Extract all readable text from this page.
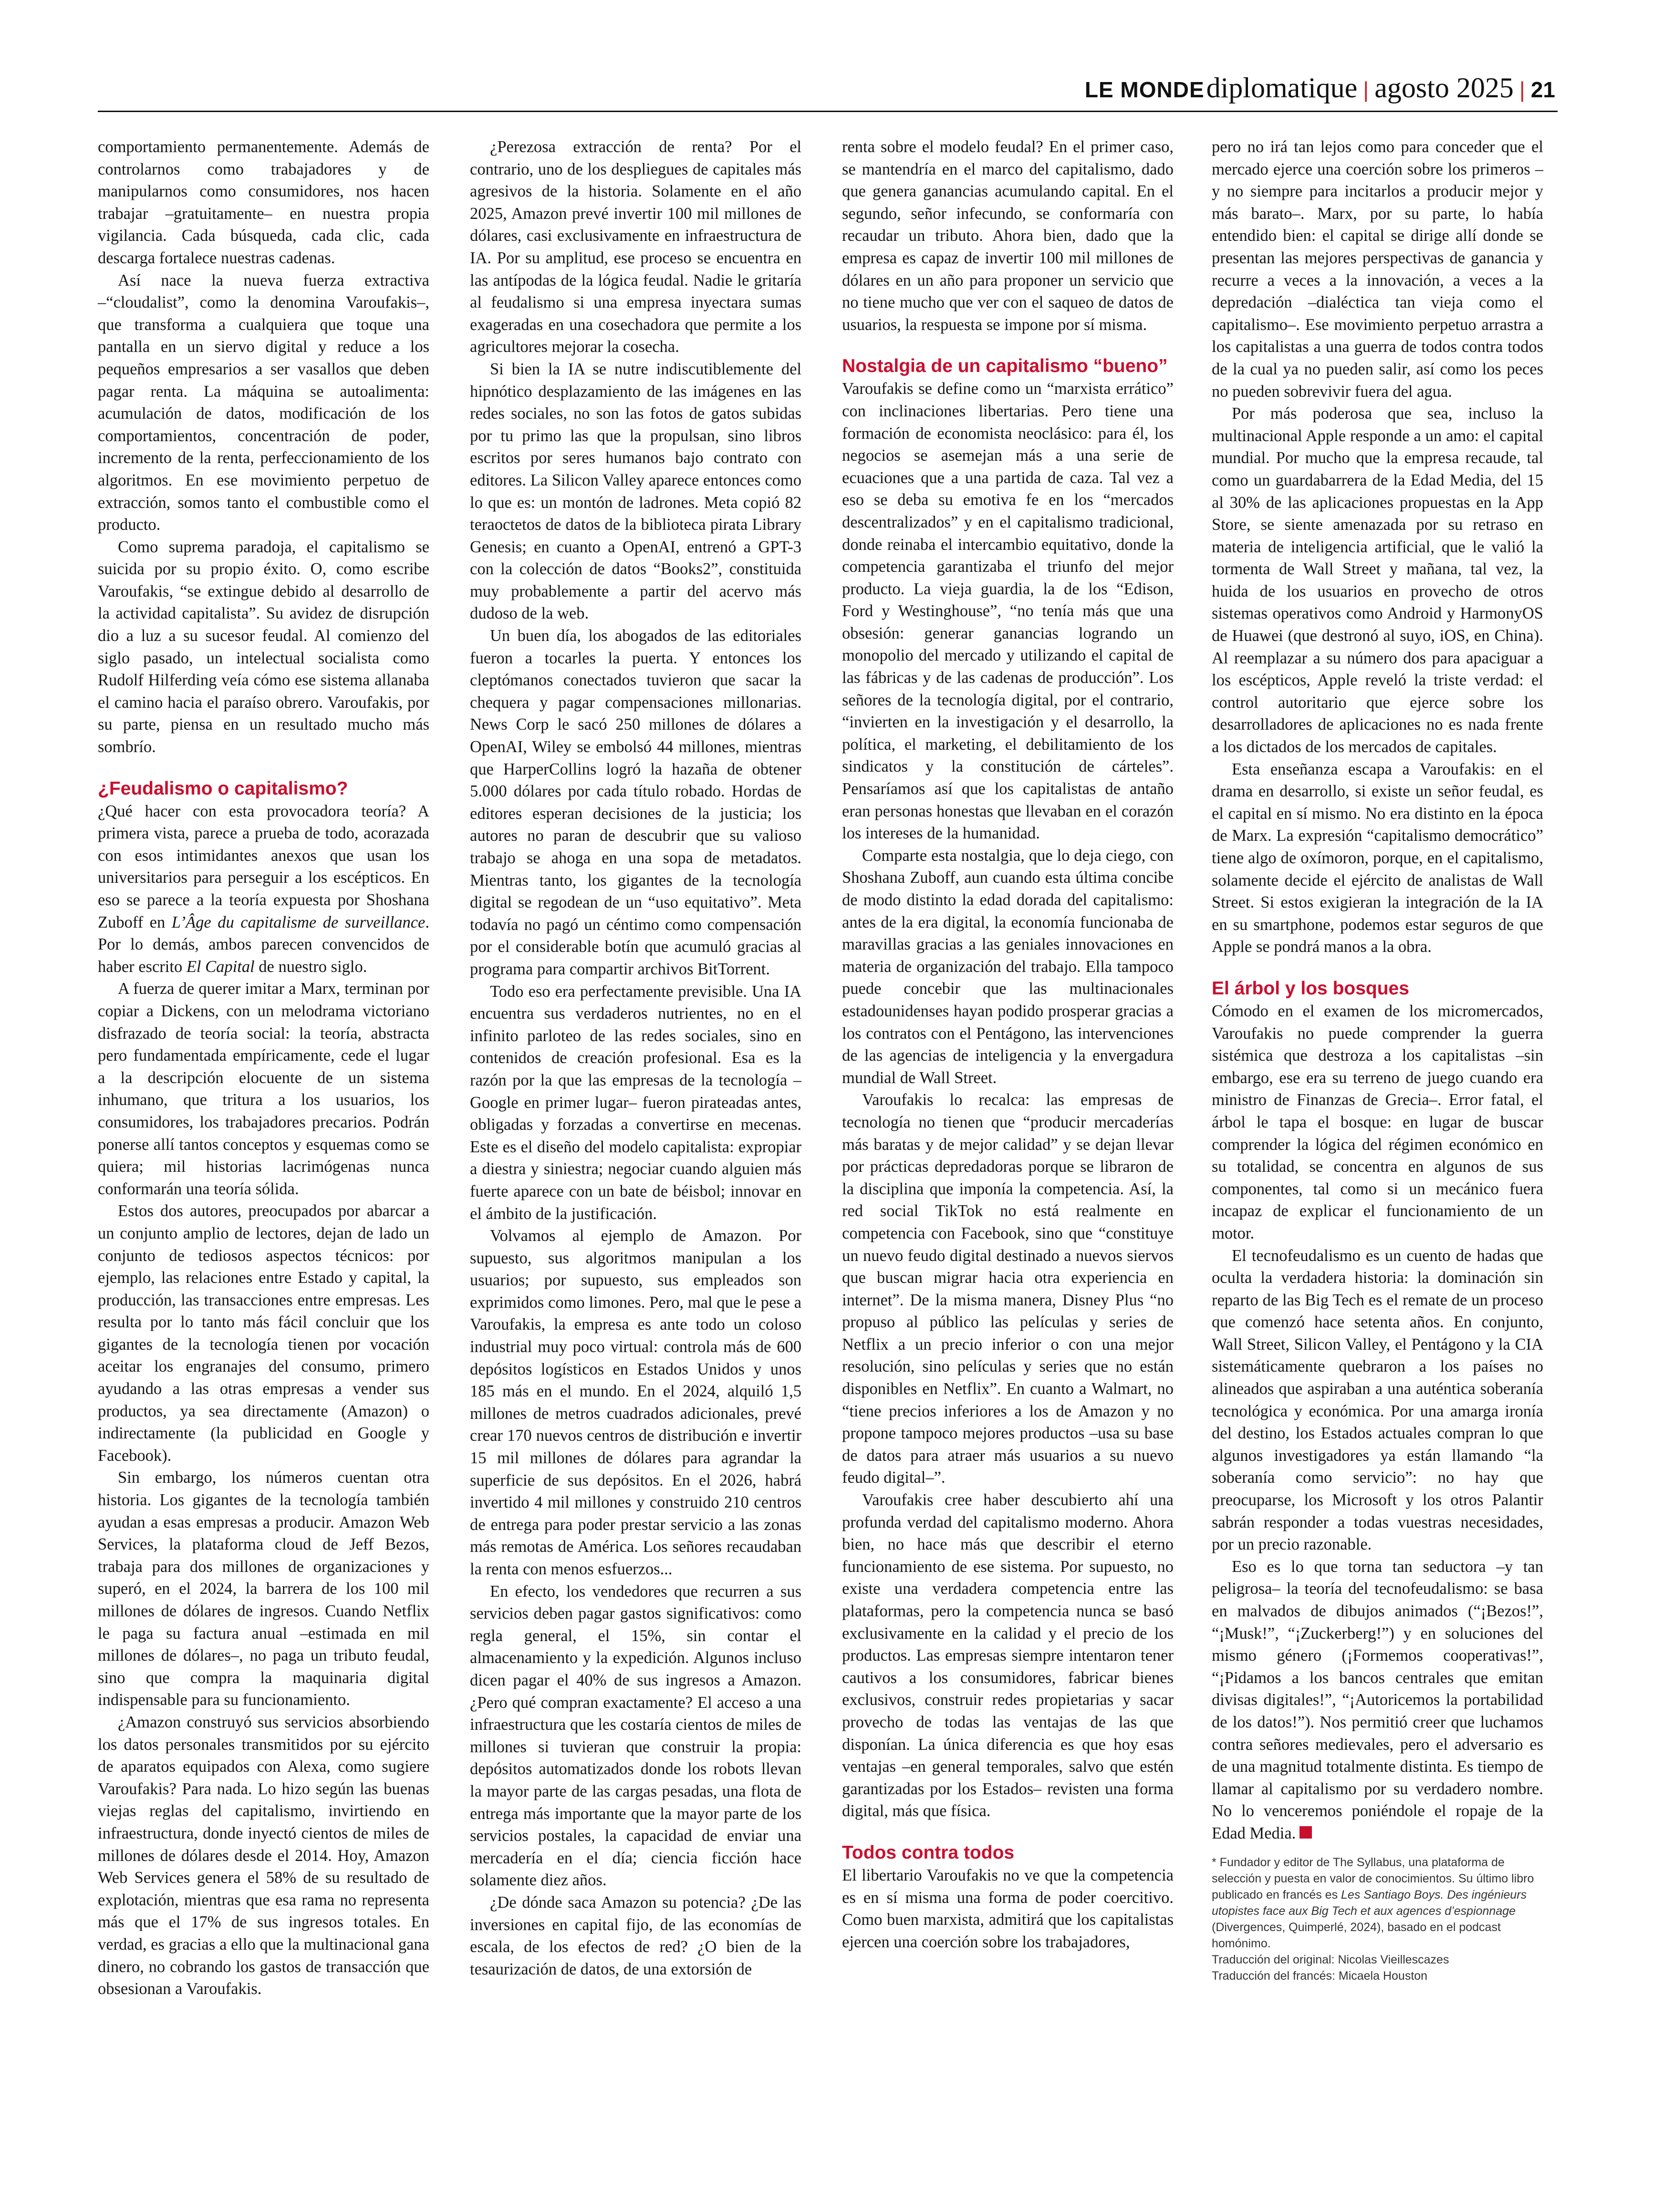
LE MONDE diplomatique | agosto 2025 | 21

comportamiento permanentemente. Además de controlarnos como trabajadores y de manipularnos como consumidores, nos hacen trabajar –gratuitamente– en nuestra propia vigilancia. Cada búsqueda, cada clic, cada descarga fortalece nuestras cadenas.

Así nace la nueva fuerza extractiva –“cloudalist”, como la denomina Varoufakis–, que transforma a cualquiera que toque una pantalla en un siervo digital y reduce a los pequeños empresarios a ser vasallos que deben pagar renta. La máquina se autoalimenta: acumulación de datos, modificación de los comportamientos, concentración de poder, incremento de la renta, perfeccionamiento de los algoritmos. En ese movimiento perpetuo de extracción, somos tanto el combustible como el producto.

Como suprema paradoja, el capitalismo se suicida por su propio éxito. O, como escribe Varoufakis, “se extingue debido al desarrollo de la actividad capitalista”. Su avidez de disrupción dio a luz a su sucesor feudal. Al comienzo del siglo pasado, un intelectual socialista como Rudolf Hilferding veía cómo ese sistema allanaba el camino hacia el paraíso obrero. Varoufakis, por su parte, piensa en un resultado mucho más sombrío.

¿Feudalismo o capitalismo?

¿Qué hacer con esta provocadora teoría? A primera vista, parece a prueba de todo, acorazada con esos intimidantes anexos que usan los universitarios para perseguir a los escépticos. En eso se parece a la teoría expuesta por Shoshana Zuboff en L’Âge du capitalisme de surveillance. Por lo demás, ambos parecen convencidos de haber escrito El Capital de nuestro siglo.

A fuerza de querer imitar a Marx, terminan por copiar a Dickens, con un melodrama victoriano disfrazado de teoría social: la teoría, abstracta pero fundamentada empíricamente, cede el lugar a la descripción elocuente de un sistema inhumano, que tritura a los usuarios, los consumidores, los trabajadores precarios. Podrán ponerse allí tantos conceptos y esquemas como se quiera; mil historias lacrimógenas nunca conformarán una teoría sólida.

Estos dos autores, preocupados por abarcar a un conjunto amplio de lectores, dejan de lado un conjunto de tediosos aspectos técnicos: por ejemplo, las relaciones entre Estado y capital, la producción, las transacciones entre empresas. Les resulta por lo tanto más fácil concluir que los gigantes de la tecnología tienen por vocación aceitar los engranajes del consumo, primero ayudando a las otras empresas a vender sus productos, ya sea directamente (Amazon) o indirectamente (la publicidad en Google y Facebook).

Sin embargo, los números cuentan otra historia. Los gigantes de la tecnología también ayudan a esas empresas a producir. Amazon Web Services, la plataforma cloud de Jeff Bezos, trabaja para dos millones de organizaciones y superó, en el 2024, la barrera de los 100 mil millones de dólares de ingresos. Cuando Netflix le paga su factura anual –estimada en mil millones de dólares–, no paga un tributo feudal, sino que compra la maquinaria digital indispensable para su funcionamiento.

¿Amazon construyó sus servicios absorbiendo los datos personales transmitidos por su ejército de aparatos equipados con Alexa, como sugiere Varoufakis? Para nada. Lo hizo según las buenas viejas reglas del capitalismo, invirtiendo en infraestructura, donde inyectó cientos de miles de millones de dólares desde el 2014. Hoy, Amazon Web Services genera el 58% de su resultado de explotación, mientras que esa rama no representa más que el 17% de sus ingresos totales. En verdad, es gracias a ello que la multinacional gana dinero, no cobrando los gastos de transacción que obsesionan a Varoufakis.

¿Perezosa extracción de renta? Por el contrario, uno de los despliegues de capitales más agresivos de la historia. Solamente en el año 2025, Amazon prevé invertir 100 mil millones de dólares, casi exclusivamente en infraestructura de IA. Por su amplitud, ese proceso se encuentra en las antípodas de la lógica feudal. Nadie le gritaría al feudalismo si una empresa inyectara sumas exageradas en una cosechadora que permite a los agricultores mejorar la cosecha.

Si bien la IA se nutre indiscutiblemente del hipnótico desplazamiento de las imágenes en las redes sociales, no son las fotos de gatos subidas por tu primo las que la propulsan, sino libros escritos por seres humanos bajo contrato con editores. La Silicon Valley aparece entonces como lo que es: un montón de ladrones. Meta copió 82 teraoctetos de datos de la biblioteca pirata Library Genesis; en cuanto a OpenAI, entrenó a GPT-3 con la colección de datos “Books2”, constituida muy probablemente a partir del acervo más dudoso de la web.

Un buen día, los abogados de las editoriales fueron a tocarles la puerta. Y entonces los cleptómanos conectados tuvieron que sacar la chequera y pagar compensaciones millonarias. News Corp le sacó 250 millones de dólares a OpenAI, Wiley se embolsó 44 millones, mientras que HarperCollins logró la hazaña de obtener 5.000 dólares por cada título robado. Hordas de editores esperan decisiones de la justicia; los autores no paran de descubrir que su valioso trabajo se ahoga en una sopa de metadatos. Mientras tanto, los gigantes de la tecnología digital se regodean de un “uso equitativo”. Meta todavía no pagó un céntimo como compensación por el considerable botín que acumuló gracias al programa para compartir archivos BitTorrent.

Todo eso era perfectamente previsible. Una IA encuentra sus verdaderos nutrientes, no en el infinito parloteo de las redes sociales, sino en contenidos de creación profesional. Esa es la razón por la que las empresas de la tecnología –Google en primer lugar– fueron pirateadas antes, obligadas y forzadas a convertirse en mecenas. Este es el diseño del modelo capitalista: expropiar a diestra y siniestra; negociar cuando alguien más fuerte aparece con un bate de béisbol; innovar en el ámbito de la justificación.

Volvamos al ejemplo de Amazon. Por supuesto, sus algoritmos manipulan a los usuarios; por supuesto, sus empleados son exprimidos como limones. Pero, mal que le pese a Varoufakis, la empresa es ante todo un coloso industrial muy poco virtual: controla más de 600 depósitos logísticos en Estados Unidos y unos 185 más en el mundo. En el 2024, alquiló 1,5 millones de metros cuadrados adicionales, prevé crear 170 nuevos centros de distribución e invertir 15 mil millones de dólares para agrandar la superficie de sus depósitos. En el 2026, habrá invertido 4 mil millones y construido 210 centros de entrega para poder prestar servicio a las zonas más remotas de América. Los señores recaudaban la renta con menos esfuerzos...

En efecto, los vendedores que recurren a sus servicios deben pagar gastos significativos: como regla general, el 15%, sin contar el almacenamiento y la expedición. Algunos incluso dicen pagar el 40% de sus ingresos a Amazon. ¿Pero qué compran exactamente? El acceso a una infraestructura que les costaría cientos de miles de millones si tuvieran que construir la propia: depósitos automatizados donde los robots llevan la mayor parte de las cargas pesadas, una flota de entrega más importante que la mayor parte de los servicios postales, la capacidad de enviar una mercadería en el día; ciencia ficción hace solamente diez años.

¿De dónde saca Amazon su potencia? ¿De las inversiones en capital fijo, de las economías de escala, de los efectos de red? ¿O bien de la tesaurización de datos, de una extorsión de

renta sobre el modelo feudal? En el primer caso, se mantendría en el marco del capitalismo, dado que genera ganancias acumulando capital. En el segundo, señor infecundo, se conformaría con recaudar un tributo. Ahora bien, dado que la empresa es capaz de invertir 100 mil millones de dólares en un año para proponer un servicio que no tiene mucho que ver con el saqueo de datos de usuarios, la respuesta se impone por sí misma.

Nostalgia de un capitalismo “bueno”

Varoufakis se define como un “marxista errático” con inclinaciones libertarias. Pero tiene una formación de economista neoclásico: para él, los negocios se asemejan más a una serie de ecuaciones que a una partida de caza. Tal vez a eso se deba su emotiva fe en los “mercados descentralizados” y en el capitalismo tradicional, donde reinaba el intercambio equitativo, donde la competencia garantizaba el triunfo del mejor producto. La vieja guardia, la de los “Edison, Ford y Westinghouse”, “no tenía más que una obsesión: generar ganancias logrando un monopolio del mercado y utilizando el capital de las fábricas y de las cadenas de producción”. Los señores de la tecnología digital, por el contrario, “invierten en la investigación y el desarrollo, la política, el marketing, el debilitamiento de los sindicatos y la constitución de cárteles”. Pensaríamos así que los capitalistas de antaño eran personas honestas que llevaban en el corazón los intereses de la humanidad.

Comparte esta nostalgia, que lo deja ciego, con Shoshana Zuboff, aun cuando esta última concibe de modo distinto la edad dorada del capitalismo: antes de la era digital, la economía funcionaba de maravillas gracias a las geniales innovaciones en materia de organización del trabajo. Ella tampoco puede concebir que las multinacionales estadounidenses hayan podido prosperar gracias a los contratos con el Pentágono, las intervenciones de las agencias de inteligencia y la envergadura mundial de Wall Street.

Varoufakis lo recalca: las empresas de tecnología no tienen que “producir mercaderías más baratas y de mejor calidad” y se dejan llevar por prácticas depredadoras porque se libraron de la disciplina que imponía la competencia. Así, la red social TikTok no está realmente en competencia con Facebook, sino que “constituye un nuevo feudo digital destinado a nuevos siervos que buscan migrar hacia otra experiencia en internet”. De la misma manera, Disney Plus “no propuso al público las películas y series de Netflix a un precio inferior o con una mejor resolución, sino películas y series que no están disponibles en Netflix”. En cuanto a Walmart, no “tiene precios inferiores a los de Amazon y no propone tampoco mejores productos –usa su base de datos para atraer más usuarios a su nuevo feudo digital–”.

Varoufakis cree haber descubierto ahí una profunda verdad del capitalismo moderno. Ahora bien, no hace más que describir el eterno funcionamiento de ese sistema. Por supuesto, no existe una verdadera competencia entre las plataformas, pero la competencia nunca se basó exclusivamente en la calidad y el precio de los productos. Las empresas siempre intentaron tener cautivos a los consumidores, fabricar bienes exclusivos, construir redes propietarias y sacar provecho de todas las ventajas de las que disponían. La única diferencia es que hoy esas ventajas –en general temporales, salvo que estén garantizadas por los Estados– revisten una forma digital, más que física.

Todos contra todos

El libertario Varoufakis no ve que la competencia es en sí misma una forma de poder coercitivo. Como buen marxista, admitirá que los capitalistas ejercen una coerción sobre los trabajadores,

pero no irá tan lejos como para conceder que el mercado ejerce una coerción sobre los primeros –y no siempre para incitarlos a producir mejor y más barato–. Marx, por su parte, lo había entendido bien: el capital se dirige allí donde se presentan las mejores perspectivas de ganancia y recurre a veces a la innovación, a veces a la depredación –dialéctica tan vieja como el capitalismo–. Ese movimiento perpetuo arrastra a los capitalistas a una guerra de todos contra todos de la cual ya no pueden salir, así como los peces no pueden sobrevivir fuera del agua.

Por más poderosa que sea, incluso la multinacional Apple responde a un amo: el capital mundial. Por mucho que la empresa recaude, tal como un guardabarrera de la Edad Media, del 15 al 30% de las aplicaciones propuestas en la App Store, se siente amenazada por su retraso en materia de inteligencia artificial, que le valió la tormenta de Wall Street y mañana, tal vez, la huida de los usuarios en provecho de otros sistemas operativos como Android y HarmonyOS de Huawei (que destronó al suyo, iOS, en China). Al reemplazar a su número dos para apaciguar a los escépticos, Apple reveló la triste verdad: el control autoritario que ejerce sobre los desarrolladores de aplicaciones no es nada frente a los dictados de los mercados de capitales.

Esta enseñanza escapa a Varoufakis: en el drama en desarrollo, si existe un señor feudal, es el capital en sí mismo. No era distinto en la época de Marx. La expresión “capitalismo democrático” tiene algo de oxímoron, porque, en el capitalismo, solamente decide el ejército de analistas de Wall Street. Si estos exigieran la integración de la IA en su smartphone, podemos estar seguros de que Apple se pondrá manos a la obra.

El árbol y los bosques

Cómodo en el examen de los micromercados, Varoufakis no puede comprender la guerra sistémica que destroza a los capitalistas –sin embargo, ese era su terreno de juego cuando era ministro de Finanzas de Grecia–. Error fatal, el árbol le tapa el bosque: en lugar de buscar comprender la lógica del régimen económico en su totalidad, se concentra en algunos de sus componentes, tal como si un mecánico fuera incapaz de explicar el funcionamiento de un motor.

El tecnofeudalismo es un cuento de hadas que oculta la verdadera historia: la dominación sin reparto de las Big Tech es el remate de un proceso que comenzó hace setenta años. En conjunto, Wall Street, Silicon Valley, el Pentágono y la CIA sistemáticamente quebraron a los países no alineados que aspiraban a una auténtica soberanía tecnológica y económica. Por una amarga ironía del destino, los Estados actuales compran lo que algunos investigadores ya están llamando “la soberanía como servicio”: no hay que preocuparse, los Microsoft y los otros Palantir sabrán responder a todas vuestras necesidades, por un precio razonable.

Eso es lo que torna tan seductora –y tan peligrosa– la teoría del tecnofeudalismo: se basa en malvados de dibujos animados (“¡Bezos!”, “¡Musk!”, “¡Zuckerberg!”) y en soluciones del mismo género (¡Formemos cooperativas!”, “¡Pidamos a los bancos centrales que emitan divisas digitales!”, “¡Autoricemos la portabilidad de los datos!”). Nos permitió creer que luchamos contra señores medievales, pero el adversario es de una magnitud totalmente distinta. Es tiempo de llamar al capitalismo por su verdadero nombre. No lo venceremos poniéndole el ropaje de la Edad Media.

* Fundador y editor de The Syllabus, una plataforma de selección y puesta en valor de conocimientos. Su último libro publicado en francés es Les Santiago Boys. Des ingénieurs utopistes face aux Big Tech et aux agences d’espionnage (Divergences, Quimperlé, 2024), basado en el podcast homónimo.
Traducción del original: Nicolas Vieillescazes
Traducción del francés: Micaela Houston
